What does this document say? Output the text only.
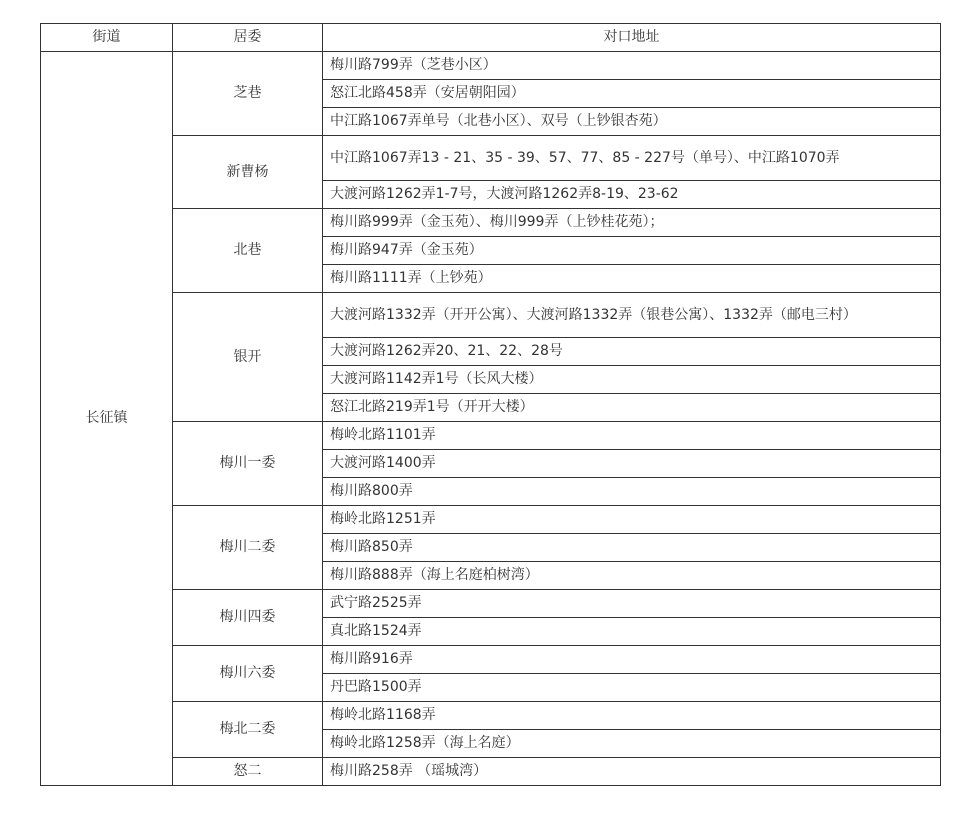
街道	居委	对口地址
长征镇	芝巷	梅川路799弄（芝巷小区）
		怒江北路458弄（安居朝阳园）
		中江路1067弄单号（北巷小区）、双号（上钞银杏苑）
	新曹杨	中江路1067弄13 - 21、35 - 39、57、77、85 - 227号（单号）、中江路1070弄
		大渡河路1262弄1-7号，大渡河路1262弄8-19、23-62
	北巷	梅川路999弄（金玉苑）、梅川999弄（上钞桂花苑）；
		梅川路947弄（金玉苑）
		梅川路1111弄（上钞苑）
	银开	大渡河路1332弄（开开公寓）、大渡河路1332弄（银巷公寓）、1332弄（邮电三村）
		大渡河路1262弄20、21、22、28号
		大渡河路1142弄1号（长风大楼）
		怒江北路219弄1号（开开大楼）
	梅川一委	梅岭北路1101弄
		大渡河路1400弄
		梅川路800弄
	梅川二委	梅岭北路1251弄
		梅川路850弄
		梅川路888弄（海上名庭柏树湾）
	梅川四委	武宁路2525弄
		真北路1524弄
	梅川六委	梅川路916弄
		丹巴路1500弄
	梅北二委	梅岭北路1168弄
		梅岭北路1258弄（海上名庭）
	怒二	梅川路258弄 （瑶城湾）
